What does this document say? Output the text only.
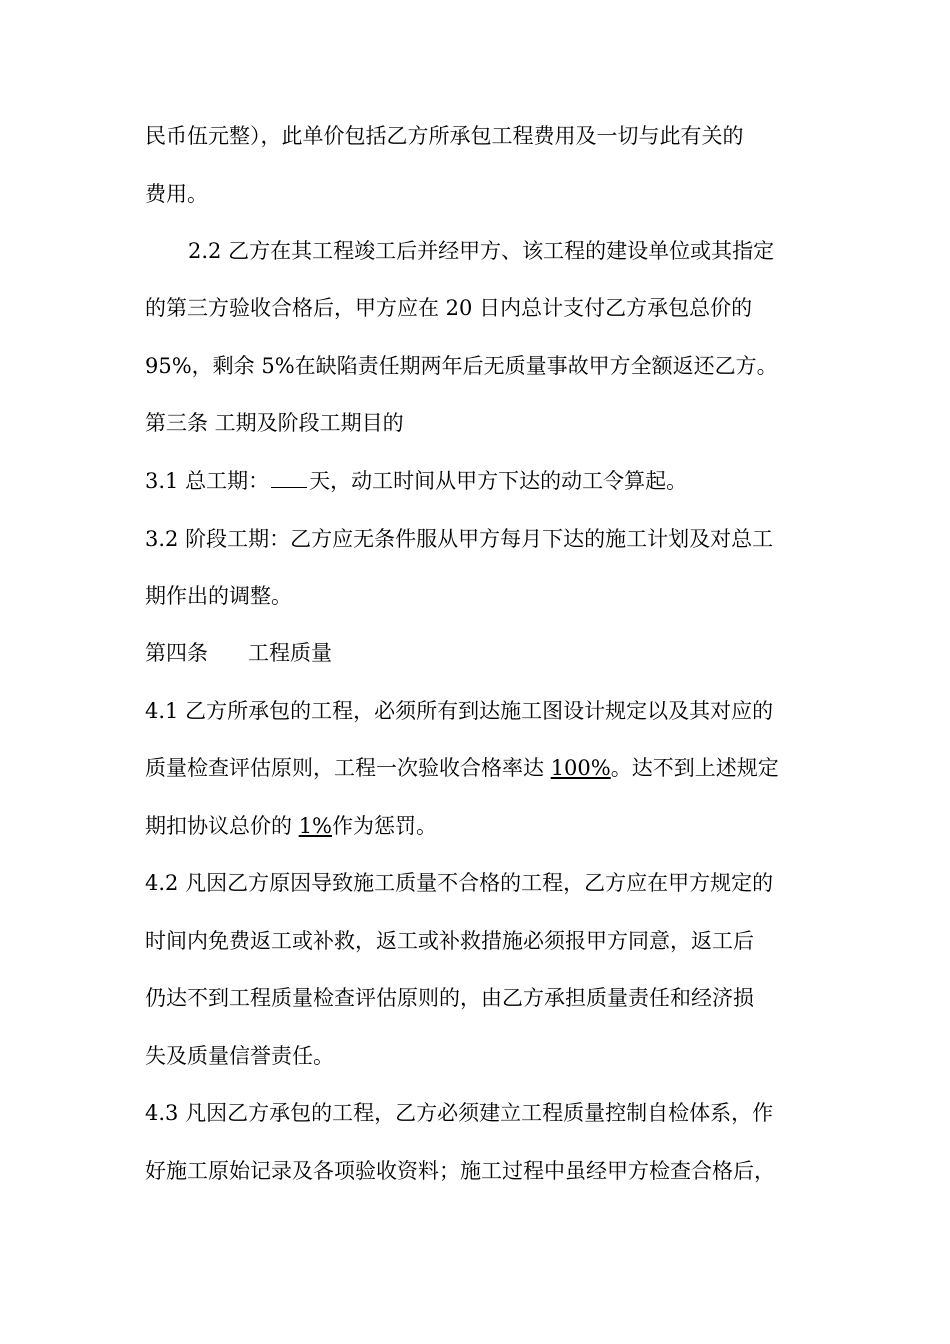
民币伍元整），此单价包括乙方所承包工程费用及一切与此有关的
费用。
2.2 乙方在其工程竣工后并经甲方、该工程的建设单位或其指定
的第三方验收合格后，甲方应在 20 日内总计支付乙方承包总价的
95%，剩余 5%在缺陷责任期两年后无质量事故甲方全额返还乙方。
第三条 工期及阶段工期目的
3.1 总工期： 天，动工时间从甲方下达的动工令算起。
3.2 阶段工期：乙方应无条件服从甲方每月下达的施工计划及对总工
期作出的调整。
第四条 工程质量
4.1 乙方所承包的工程，必须所有到达施工图设计规定以及其对应的
质量检查评估原则，工程一次验收合格率达 100%。达不到上述规定
期扣协议总价的 1%作为惩罚。
4.2 凡因乙方原因导致施工质量不合格的工程，乙方应在甲方规定的
时间内免费返工或补救，返工或补救措施必须报甲方同意，返工后
仍达不到工程质量检查评估原则的，由乙方承担质量责任和经济损
失及质量信誉责任。
4.3 凡因乙方承包的工程，乙方必须建立工程质量控制自检体系，作
好施工原始记录及各项验收资料；施工过程中虽经甲方检查合格后，
